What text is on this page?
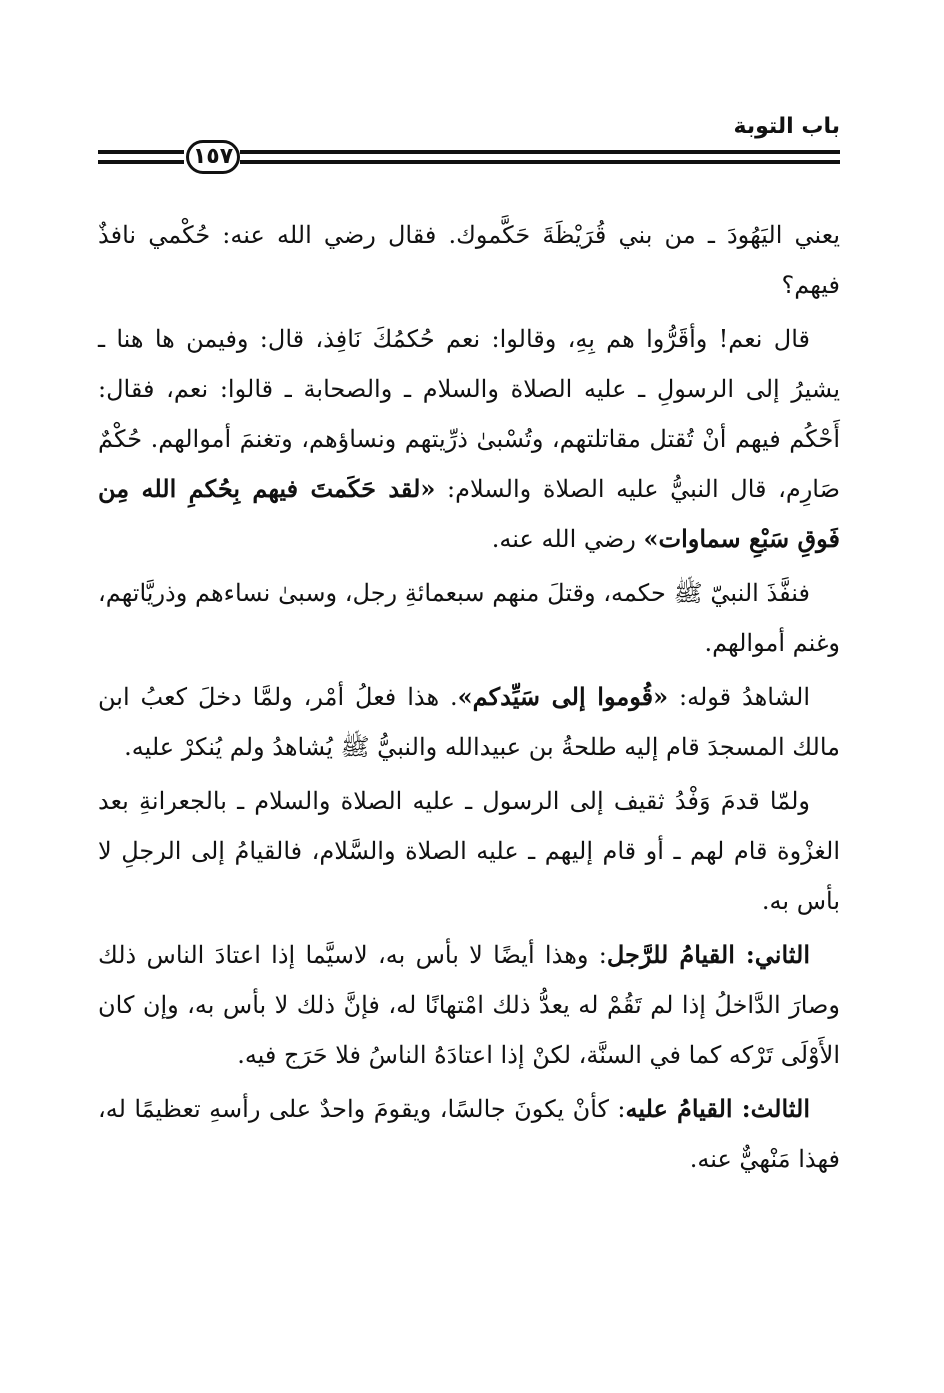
باب التوبة
١٥٧

يعني اليَهُودَ ـ من بني قُرَيْظَةَ حَكَّموك. فقال رضي الله عنه: حُكْمي نافذٌ فيهم؟

قال نعم! وأقَرُّوا هم بِهِ، وقالوا: نعم حُكمُكَ نَافِذ، قال: وفيمن ها هنا ـ يشيرُ إلى الرسولِ ـ عليه الصلاة والسلام ـ والصحابة ـ قالوا: نعم، فقال: أَحْكُم فيهم أنْ تُقتل مقاتلتهم، وتُسْبىٰ ذرِّيتهم ونساؤهم، وتغنمَ أموالهم. حُكْمٌ صَارِم، قال النبيُّ عليه الصلاة والسلام: «لقد حَكَمتَ فيهم بِحُكمِ الله مِن فَوقِ سَبْعِ سماوات» رضي الله عنه.

فنفَّذَ النبيّ ﷺ حكمه، وقتلَ منهم سبعمائةِ رجل، وسبىٰ نساءهم وذريَّاتهم، وغنم أموالهم.

الشاهدُ قوله: «قُوموا إلى سَيِّدكم». هذا فعلُ أمْر، ولمَّا دخلَ كعبُ ابن مالك المسجدَ قام إليه طلحةُ بن عبيدالله والنبيُّ ﷺ يُشاهدُ ولم يُنكرْ عليه.

ولمّا قدمَ وَفْدُ ثقيف إلى الرسول ـ عليه الصلاة والسلام ـ بالجعرانةِ بعد الغزْوة قام لهم ـ أو قام إليهم ـ عليه الصلاة والسَّلام، فالقيامُ إلى الرجلِ لا بأس به.

الثاني: القيامُ للرَّجل: وهذا أيضًا لا بأس به، لاسيَّما إذا اعتادَ الناس ذلك وصارَ الدَّاخلُ إذا لم تَقُمْ له يعدُّ ذلك امْتهانًا له، فإنَّ ذلك لا بأس به، وإن كان الأَوْلَى تَرْكه كما في السنَّة، لكنْ إذا اعتادَهُ الناسُ فلا حَرَج فيه.

الثالث: القيامُ عليه: كأنْ يكونَ جالسًا، ويقومَ واحدٌ على رأسهِ تعظيمًا له، فهذا مَنْهيٌّ عنه.
